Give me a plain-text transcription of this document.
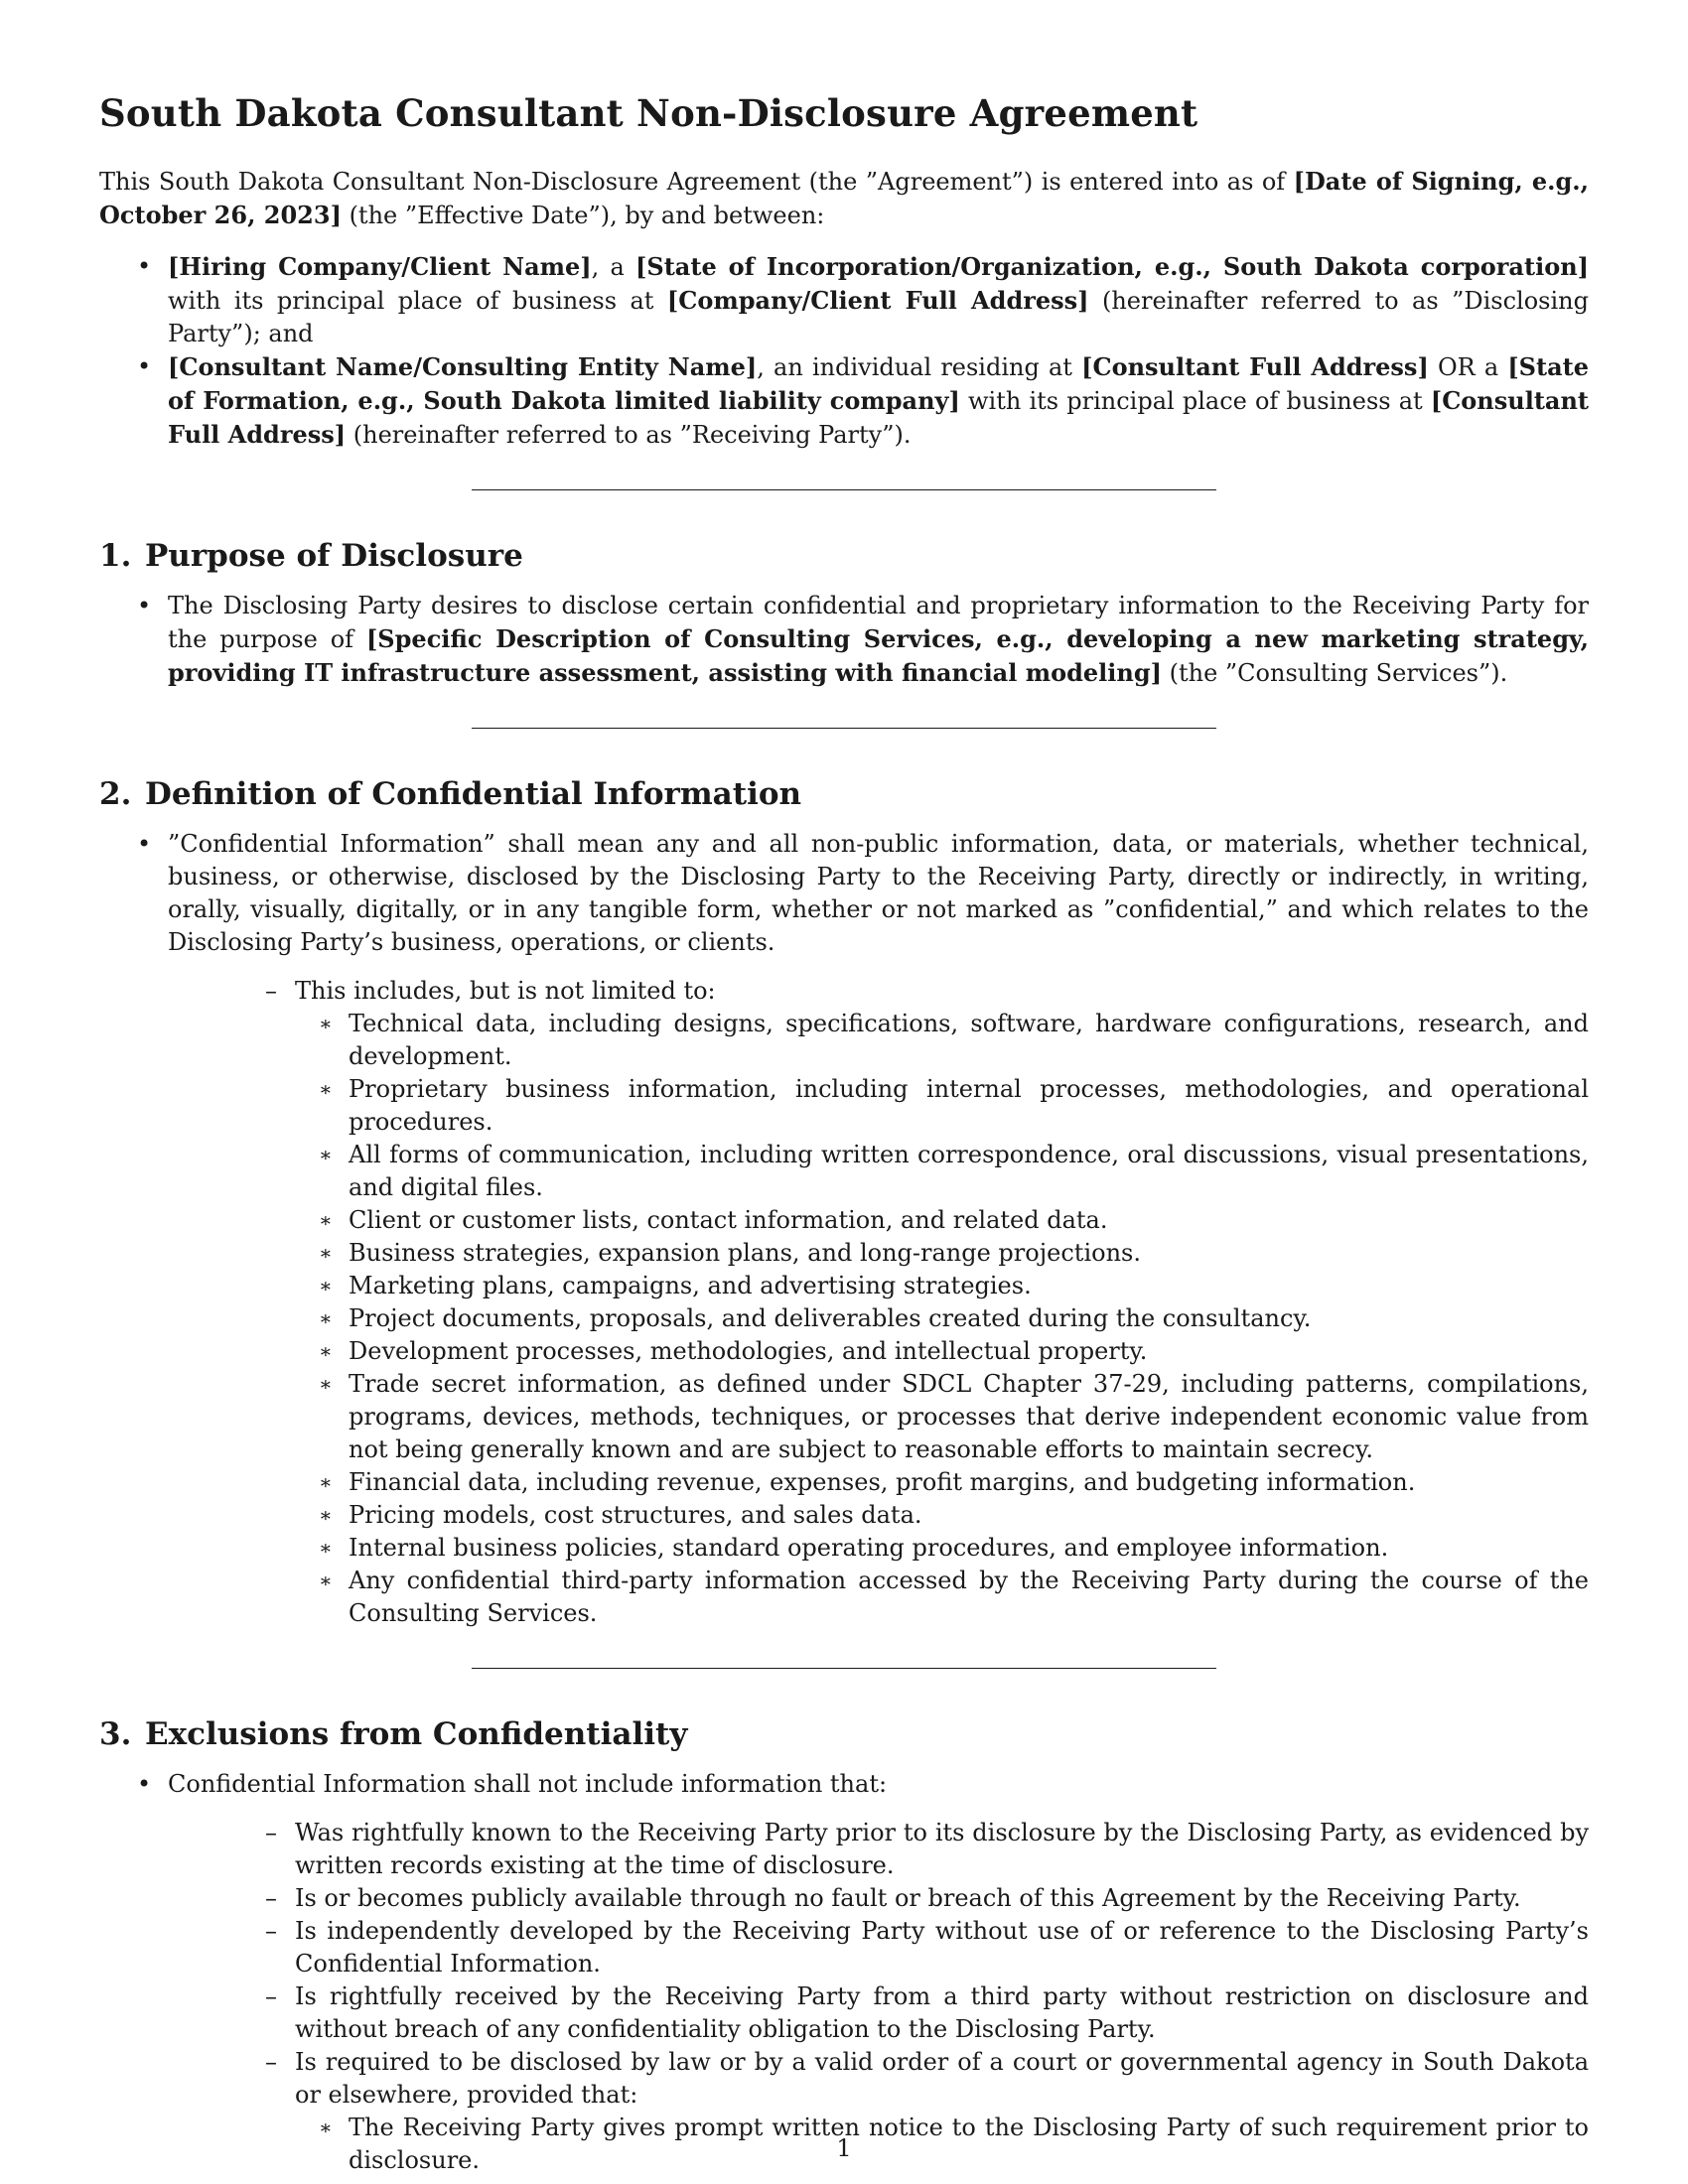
South Dakota Consultant Non-Disclosure Agreement

This South Dakota Consultant Non-Disclosure Agreement (the ”Agreement”) is entered into as of [Date of Signing, e.g., October 26, 2023] (the ”Effective Date”), by and between:

• [Hiring Company/Client Name], a [State of Incorporation/Organization, e.g., South Dakota corporation] with its principal place of business at [Company/Client Full Address] (hereinafter referred to as ”Disclosing Party”); and
• [Consultant Name/Consulting Entity Name], an individual residing at [Consultant Full Address] OR a [State of Formation, e.g., South Dakota limited liability company] with its principal place of business at [Consultant Full Address] (hereinafter referred to as ”Receiving Party”).
1. Purpose of Disclosure
• The Disclosing Party desires to disclose certain confidential and proprietary information to the Receiving Party for the purpose of [Specific Description of Consulting Services, e.g., developing a new marketing strategy, providing IT infrastructure assessment, assisting with financial modeling] (the ”Consulting Services”).
2. Definition of Confidential Information
• ”Confidential Information” shall mean any and all non-public information, data, or materials, whether technical, business, or otherwise, disclosed by the Disclosing Party to the Receiving Party, directly or indirectly, in writing, orally, visually, digitally, or in any tangible form, whether or not marked as ”confidential,” and which relates to the Disclosing Party’s business, operations, or clients.
– This includes, but is not limited to:
∗ Technical data, including designs, specifications, software, hardware configurations, research, and development.
∗ Proprietary business information, including internal processes, methodologies, and operational procedures.
∗ All forms of communication, including written correspondence, oral discussions, visual presentations, and digital files.
∗ Client or customer lists, contact information, and related data.
∗ Business strategies, expansion plans, and long-range projections.
∗ Marketing plans, campaigns, and advertising strategies.
∗ Project documents, proposals, and deliverables created during the consultancy.
∗ Development processes, methodologies, and intellectual property.
∗ Trade secret information, as defined under SDCL Chapter 37-29, including patterns, compilations, programs, devices, methods, techniques, or processes that derive independent economic value from not being generally known and are subject to reasonable efforts to maintain secrecy.
∗ Financial data, including revenue, expenses, profit margins, and budgeting information.
∗ Pricing models, cost structures, and sales data.
∗ Internal business policies, standard operating procedures, and employee information.
∗ Any confidential third-party information accessed by the Receiving Party during the course of the Consulting Services.
3. Exclusions from Confidentiality
• Confidential Information shall not include information that:
– Was rightfully known to the Receiving Party prior to its disclosure by the Disclosing Party, as evidenced by written records existing at the time of disclosure.
– Is or becomes publicly available through no fault or breach of this Agreement by the Receiving Party.
– Is independently developed by the Receiving Party without use of or reference to the Disclosing Party’s Confidential Information.
– Is rightfully received by the Receiving Party from a third party without restriction on disclosure and without breach of any confidentiality obligation to the Disclosing Party.
– Is required to be disclosed by law or by a valid order of a court or governmental agency in South Dakota or elsewhere, provided that:
∗ The Receiving Party gives prompt written notice to the Disclosing Party of such requirement prior to disclosure.	1
